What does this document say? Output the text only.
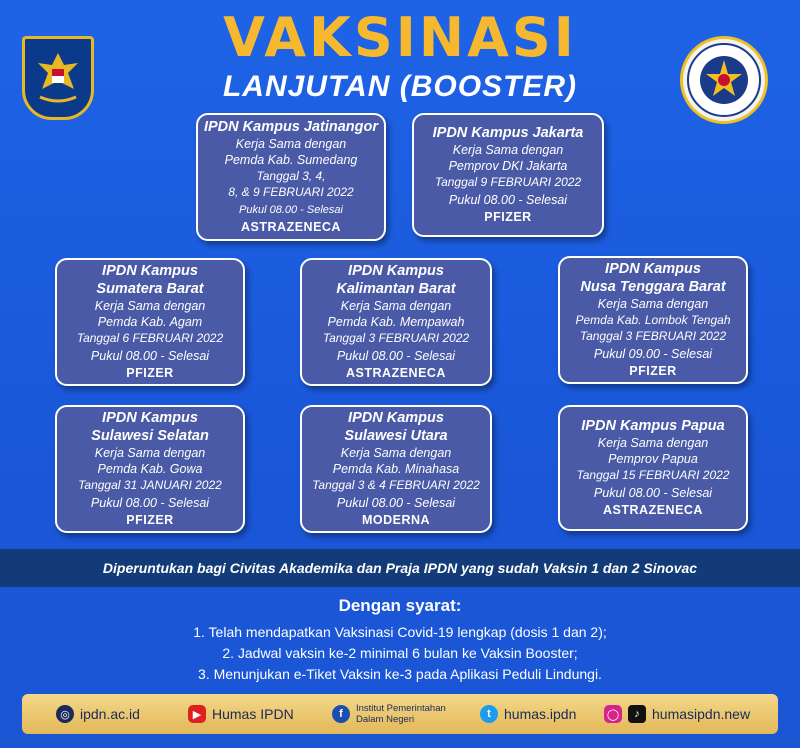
VAKSINASI
LANJUTAN (BOOSTER)
IPDN Kampus Jatinangor
Kerja Sama dengan
Pemda Kab. Sumedang
Tanggal 3, 4,
8, & 9 FEBRUARI 2022
Pukul 08.00 - Selesai
ASTRAZENECA
IPDN Kampus Jakarta
Kerja Sama dengan
Pemprov DKI Jakarta
Tanggal 9 FEBRUARI 2022
Pukul 08.00 - Selesai
PFIZER
IPDN Kampus
Sumatera Barat
Kerja Sama dengan
Pemda Kab. Agam
Tanggal 6 FEBRUARI 2022
Pukul 08.00 - Selesai
PFIZER
IPDN Kampus
Kalimantan Barat
Kerja Sama dengan
Pemda Kab. Mempawah
Tanggal 3 FEBRUARI 2022
Pukul 08.00 - Selesai
ASTRAZENECA
IPDN Kampus
Nusa Tenggara Barat
Kerja Sama dengan
Pemda Kab. Lombok Tengah
Tanggal 3 FEBRUARI 2022
Pukul 09.00 - Selesai
PFIZER
IPDN Kampus
Sulawesi Selatan
Kerja Sama dengan
Pemda Kab. Gowa
Tanggal 31 JANUARI 2022
Pukul 08.00 - Selesai
PFIZER
IPDN Kampus
Sulawesi Utara
Kerja Sama dengan
Pemda Kab. Minahasa
Tanggal 3 & 4 FEBRUARI 2022
Pukul 08.00 - Selesai
MODERNA
IPDN Kampus Papua
Kerja Sama dengan
Pemprov Papua
Tanggal 15 FEBRUARI 2022
Pukul 08.00 - Selesai
ASTRAZENECA
Diperuntukan bagi Civitas Akademika dan Praja IPDN yang sudah Vaksin 1 dan 2 Sinovac
Dengan syarat:
1. Telah mendapatkan Vaksinasi Covid-19 lengkap (dosis 1 dan 2);
2. Jadwal vaksin ke-2 minimal 6 bulan ke Vaksin Booster;
3. Menunjukan e-Tiket Vaksin ke-3 pada Aplikasi Peduli Lindungi.
◎ ipdn.ac.id	▶ Humas IPDN	f	Institut Pemerintahan
Dalam Negeri	t humas.ipdn	◯	♪ humasipdn.new
